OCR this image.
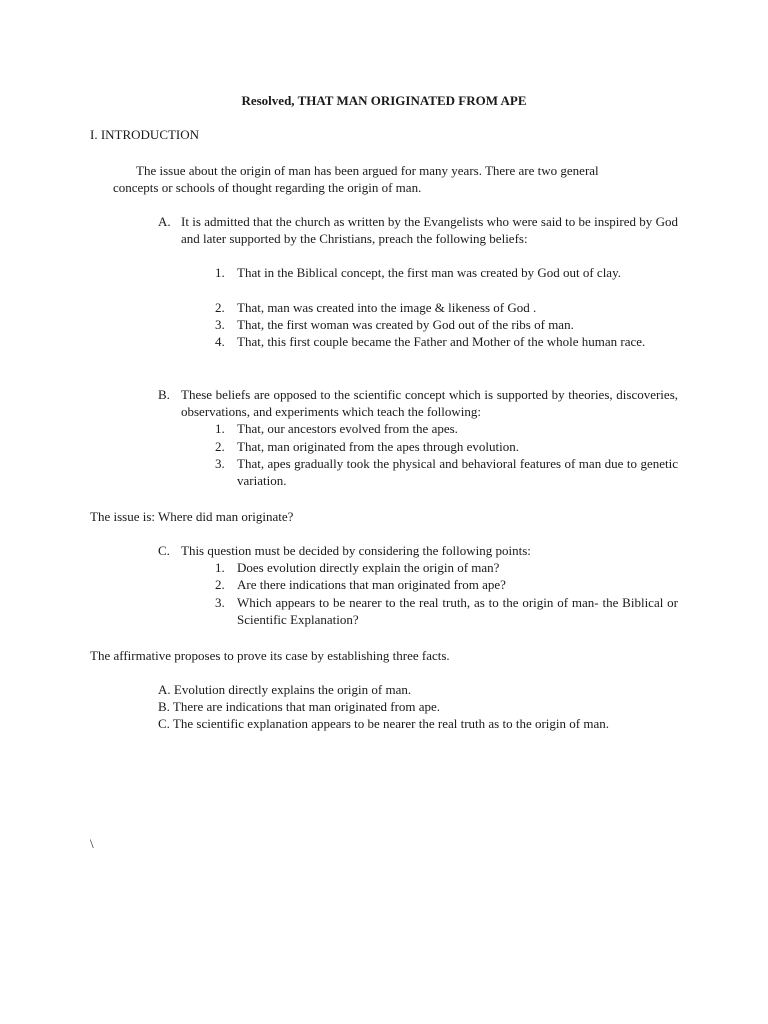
Resolved, THAT MAN ORIGINATED FROM APE
I. INTRODUCTION
The issue about the origin of man has been argued for many years. There are two general
concepts or schools of thought regarding the origin of man.
A. It is admitted that the church as written by the Evangelists who were said to be inspired by God and later supported by the Christians, preach the following beliefs:
1. That in the Biblical concept, the first man was created by God out of clay.
2. That, man was created into the image & likeness of God .
3. That, the first woman was created by God out of the ribs of man.
4. That, this first couple became the Father and Mother of the whole human race.
B. These beliefs are opposed to the scientific concept which is supported by theories, discoveries, observations, and experiments which teach the following:
1. That, our ancestors evolved from the apes.
2. That, man originated from the apes through evolution.
3. That, apes gradually took the physical and behavioral features of man due to genetic variation.
The issue is: Where did man originate?
C. This question must be decided by considering the following points:
1. Does evolution directly explain the origin of man?
2. Are there indications that man originated from ape?
3. Which appears to be nearer to the real truth, as to the origin of man- the Biblical or Scientific Explanation?
The affirmative proposes to prove its case by establishing three facts.
A. Evolution directly explains the origin of man.
B. There are indications that man originated from ape.
C. The scientific explanation appears to be nearer the real truth as to the origin of man.
\
